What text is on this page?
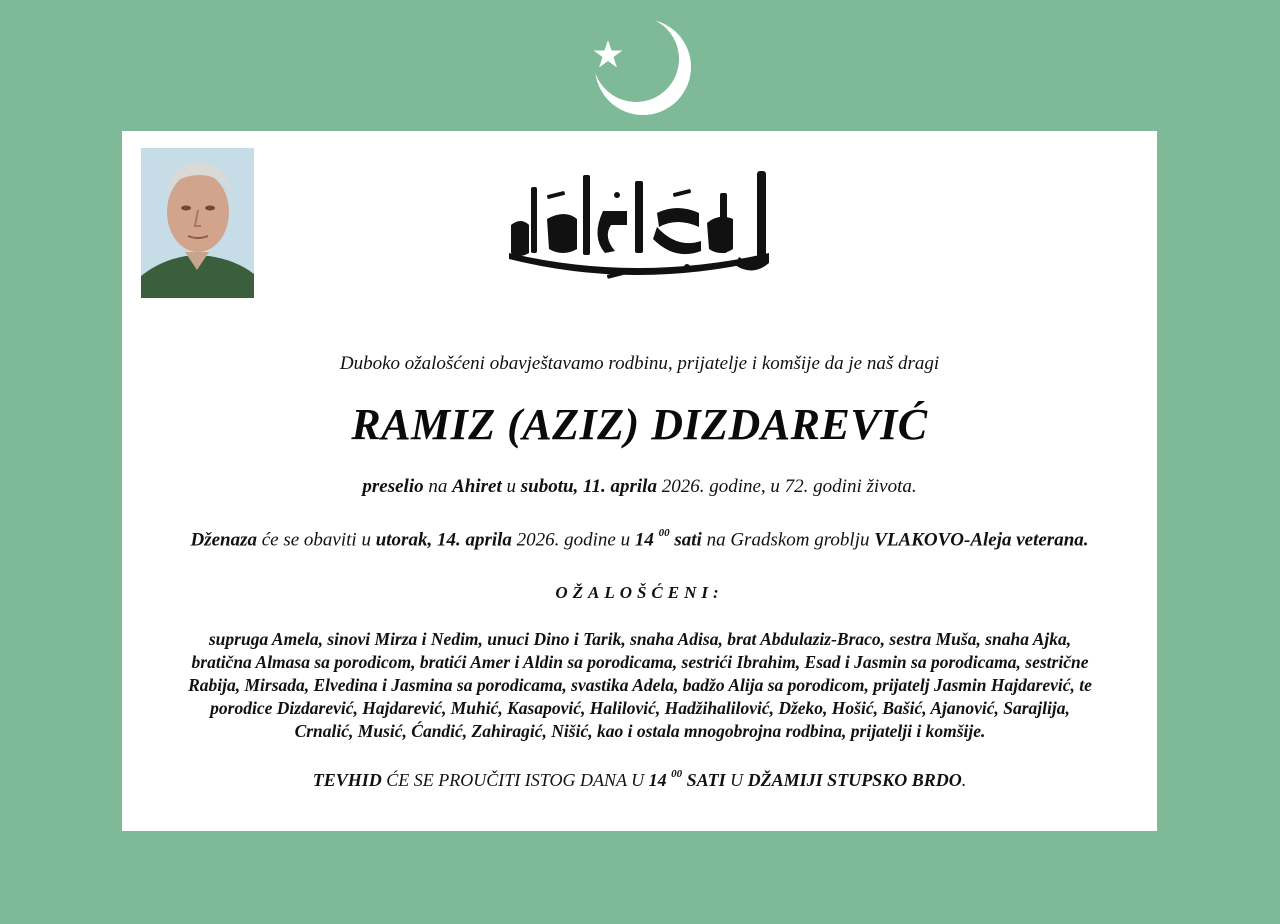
Duboko ožalošćeni obavještavamo rodbinu, prijatelje i komšije da je naš dragi
RAMIZ (AZIZ) DIZDAREVIĆ
preselio na Ahiret u subotu, 11. aprila 2026. godine, u 72. godini života.
Dženaza će se obaviti u utorak, 14. aprila 2026. godine u 14 $^{00}$ sati na Gradskom groblju VLAKOVO-Aleja veterana.
OŽALOŠĆENI:
supruga Amela, sinovi Mirza i Nedim, unuci Dino i Tarik, snaha Adisa, brat Abdulaziz-Braco, sestra Muša, snaha Ajka,
bratična Almasa sa porodicom, bratići Amer i Aldin sa porodicama, sestrići Ibrahim, Esad i Jasmin sa porodicama, sestrične
Rabija, Mirsada, Elvedina i Jasmina sa porodicama, svastika Adela, badžo Alija sa porodicom, prijatelj Jasmin Hajdarević, te
porodice Dizdarević, Hajdarević, Muhić, Kasapović, Halilović, Hadžihalilović, Džeko, Hošić, Bašić, Ajanović, Sarajlija,
Crnalić, Musić, Ćandić, Zahiragić, Nišić, kao i ostala mnogobrojna rodbina, prijatelji i komšije.
TEVHID ĆE SE PROUČITI ISTOG DANA U 14 $^{00}$ SATI U DŽAMIJI STUPSKO BRDO.
